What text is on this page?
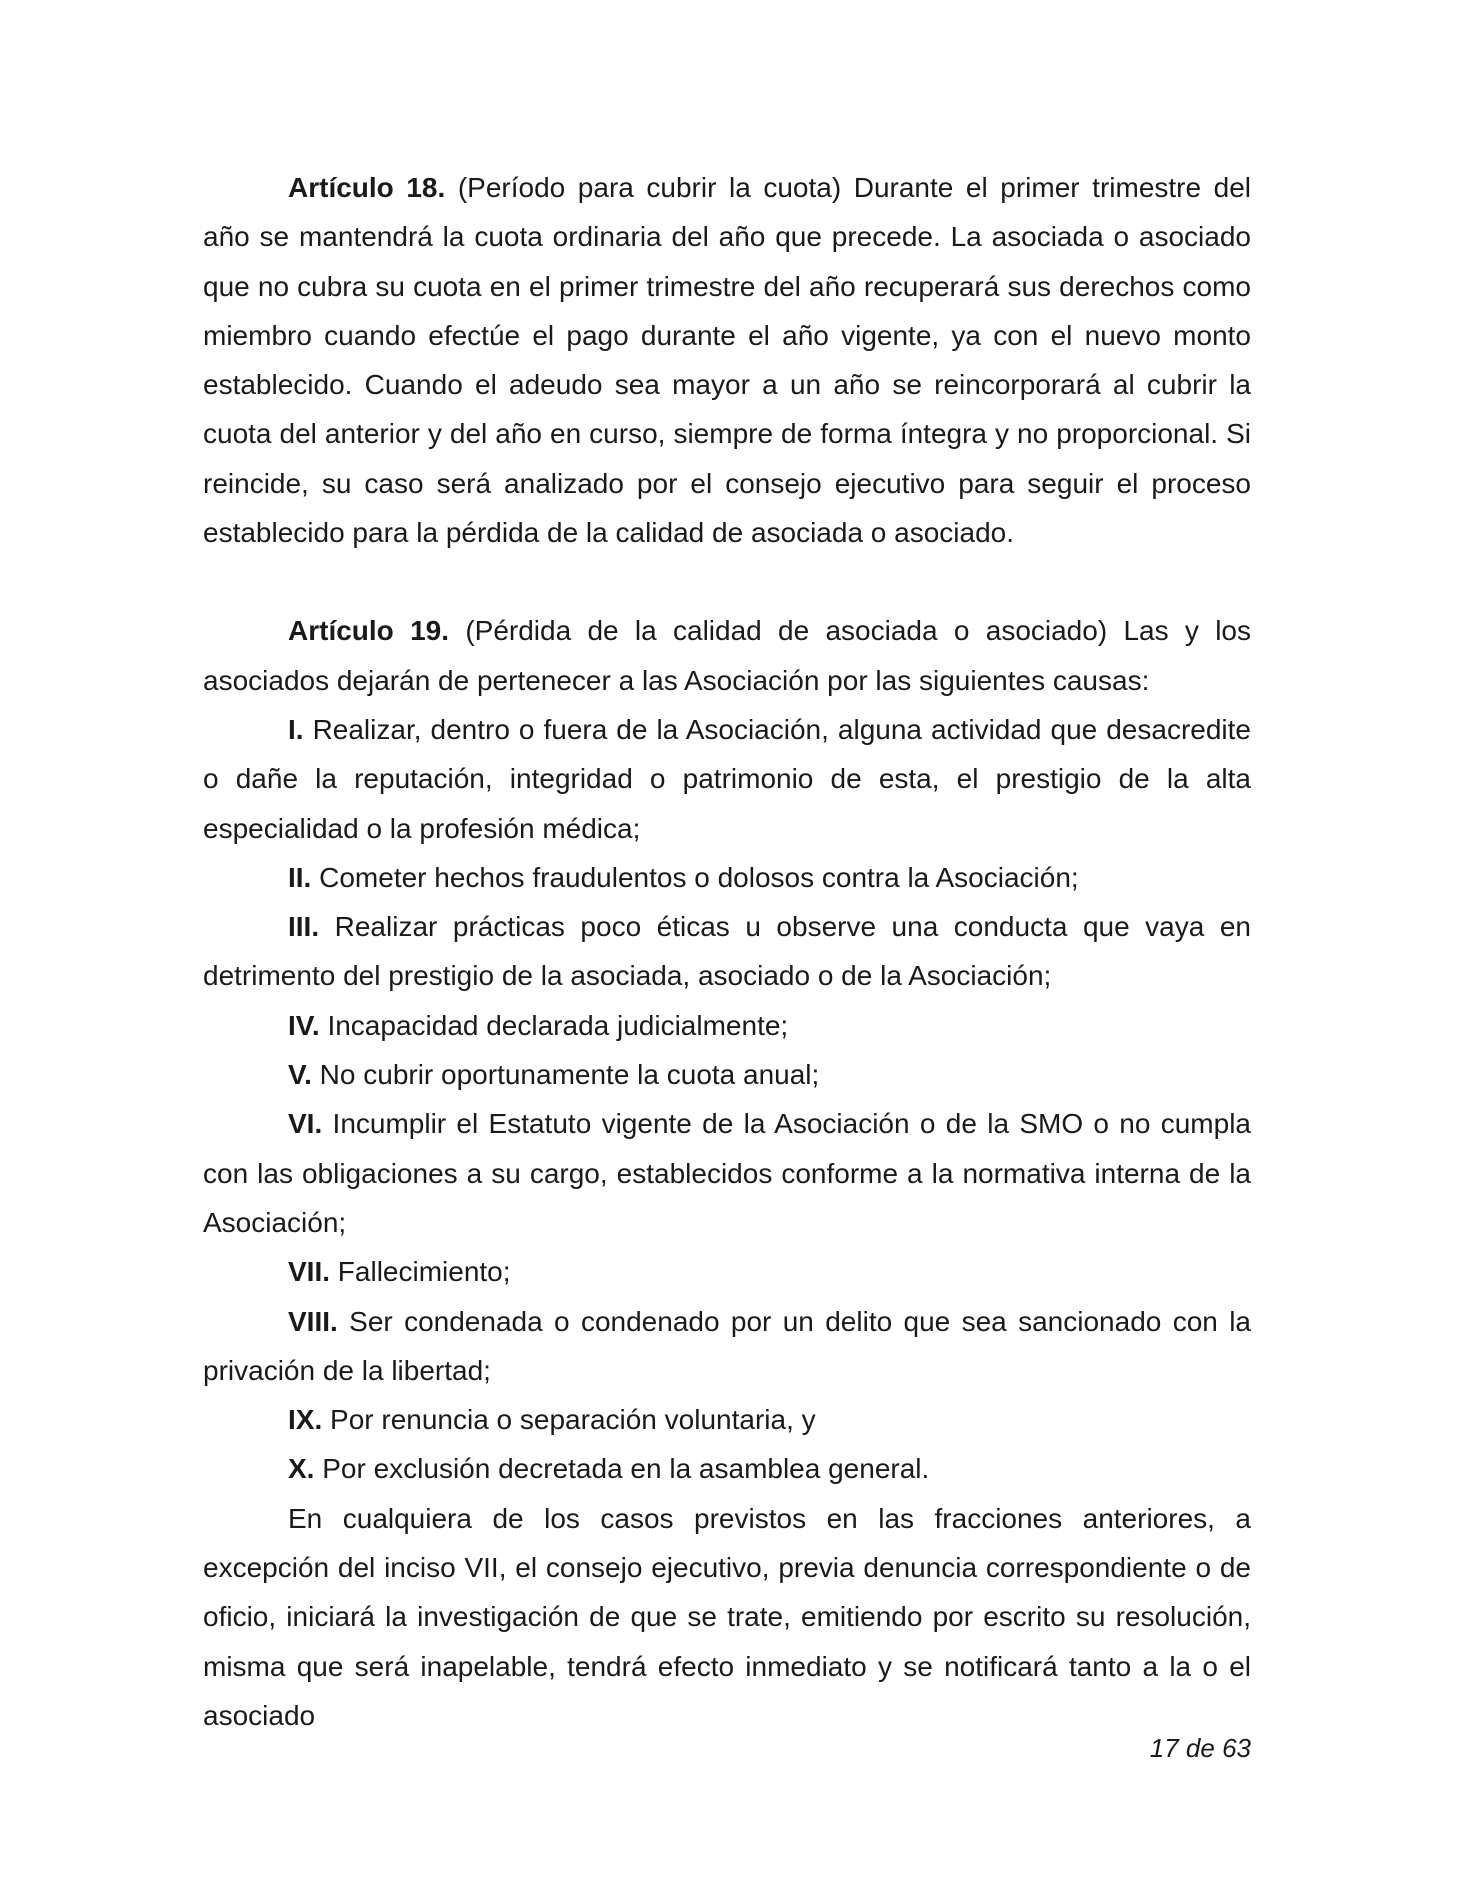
Artículo 18. (Período para cubrir la cuota) Durante el primer trimestre del año se mantendrá la cuota ordinaria del año que precede. La asociada o asociado que no cubra su cuota en el primer trimestre del año recuperará sus derechos como miembro cuando efectúe el pago durante el año vigente, ya con el nuevo monto establecido. Cuando el adeudo sea mayor a un año se reincorporará al cubrir la cuota del anterior y del año en curso, siempre de forma íntegra y no proporcional. Si reincide, su caso será analizado por el consejo ejecutivo para seguir el proceso establecido para la pérdida de la calidad de asociada o asociado.

Artículo 19. (Pérdida de la calidad de asociada o asociado) Las y los asociados dejarán de pertenecer a las Asociación por las siguientes causas:

I. Realizar, dentro o fuera de la Asociación, alguna actividad que desacredite o dañe la reputación, integridad o patrimonio de esta, el prestigio de la alta especialidad o la profesión médica;

II. Cometer hechos fraudulentos o dolosos contra la Asociación;

III. Realizar prácticas poco éticas u observe una conducta que vaya en detrimento del prestigio de la asociada, asociado o de la Asociación;

IV. Incapacidad declarada judicialmente;

V. No cubrir oportunamente la cuota anual;

VI. Incumplir el Estatuto vigente de la Asociación o de la SMO o no cumpla con las obligaciones a su cargo, establecidos conforme a la normativa interna de la Asociación;

VII. Fallecimiento;

VIII. Ser condenada o condenado por un delito que sea sancionado con la privación de la libertad;

IX. Por renuncia o separación voluntaria, y

X. Por exclusión decretada en la asamblea general.

En cualquiera de los casos previstos en las fracciones anteriores, a excepción del inciso VII, el consejo ejecutivo, previa denuncia correspondiente o de oficio, iniciará la investigación de que se trate, emitiendo por escrito su resolución, misma que será inapelable, tendrá efecto inmediato y se notificará tanto a la o el asociado

17 de 63
